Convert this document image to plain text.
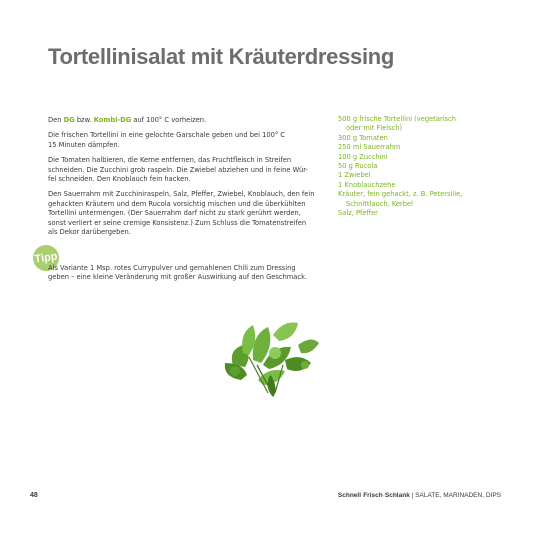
Tortellinisalat mit Kräuterdressing

Den DG bzw. Kombi-DG auf 100° C vorheizen.

Die frischen Tortellini in eine gelochte Garschale geben und bei 100° C
15 Minuten dämpfen.

Die Tomaten halbieren, die Kerne entfernen, das Fruchtfleisch in Streifen
schneiden. Die Zucchini grob raspeln. Die Zwiebel abziehen und in feine Wür-
fel schneiden. Den Knoblauch fein hacken.

Den Sauerrahm mit Zucchiniraspeln, Salz, Pfeffer, Zwiebel, Knoblauch, den fein
gehackten Kräutern und dem Rucola vorsichtig mischen und die überkühlten
Tortellini untermengen. (Der Sauerrahm darf nicht zu stark gerührt werden,
sonst verliert er seine cremige Konsistenz.) Zum Schluss die Tomatenstreifen
als Dekor darübergeben.

500 g frische Tortellini (vegetarisch
oder mit Fleisch)
300 g Tomaten
250 ml Sauerrahm
100 g Zucchini
50 g Rucola
1 Zwiebel
1 Knoblauchzehe
Kräuter, fein gehackt, z. B. Petersilie,
Schnittlauch, Kerbel
Salz, Pfeffer
Tipp
Als Variante 1 Msp. rotes Currypulver und gemahlenen Chili zum Dressing
geben – eine kleine Veränderung mit großer Auswirkung auf den Geschmack.
48	Schnell·Frisch·Schlank | SALATE, MARINADEN, DIPS
